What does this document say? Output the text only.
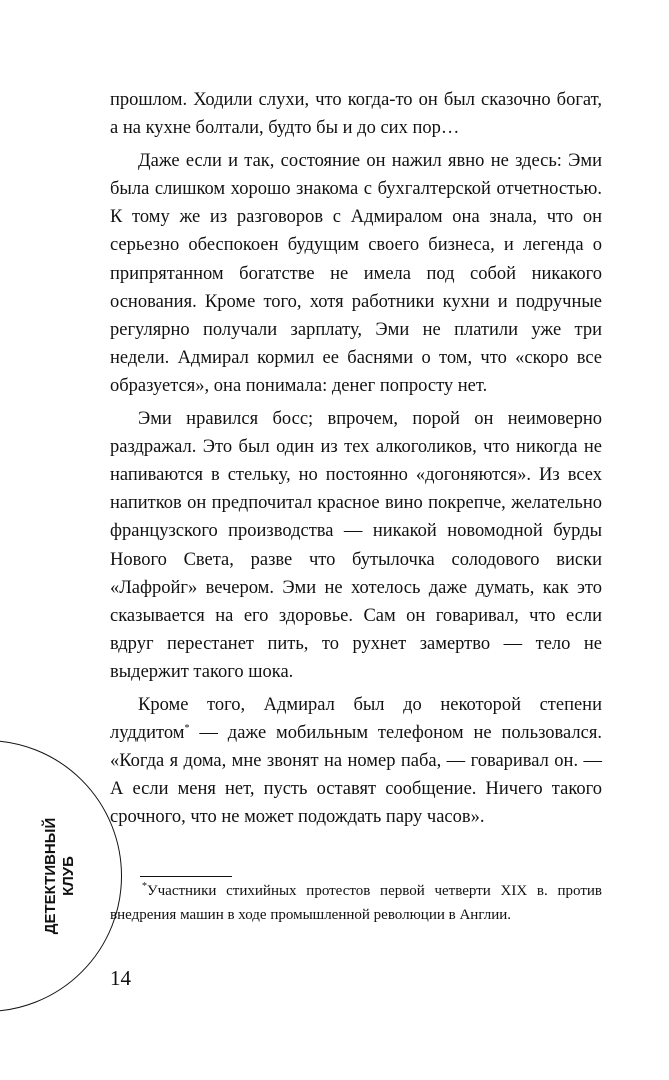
прошлом. Ходили слухи, что когда-то он был сказочно богат, а на кухне болтали, будто бы и до сих пор…

Даже если и так, состояние он нажил явно не здесь: Эми была слишком хорошо знакома с бухгалтерской отчетностью. К тому же из разговоров с Адмиралом она знала, что он серьезно обеспокоен будущим своего бизнеса, и легенда о припрятанном богатстве не имела под собой никакого основания. Кроме того, хотя работники кухни и подручные регулярно получали зарплату, Эми не платили уже три недели. Адмирал кормил ее баснями о том, что «скоро все образуется», она понимала: денег попросту нет.

Эми нравился босс; впрочем, порой он неимоверно раздражал. Это был один из тех алкоголиков, что никогда не напиваются в стельку, но постоянно «догоняются». Из всех напитков он предпочитал красное вино покрепче, желательно французского производства — никакой новомодной бурды Нового Света, разве что бутылочка солодового виски «Лафройг» вечером. Эми не хотелось даже думать, как это сказывается на его здоровье. Сам он говаривал, что если вдруг перестанет пить, то рухнет замертво — тело не выдержит такого шока.

Кроме того, Адмирал был до некоторой степени луддитом* — даже мобильным телефоном не пользовался. «Когда я дома, мне звонят на номер паба, — говаривал он. — А если меня нет, пусть оставят сообщение. Ничего такого срочного, что не может подождать пару часов».

ДЕТЕКТИВНЫЙ КЛУБ	*Участники стихийных протестов первой четверти XIX в. против внедрения машин в ходе промышленной революции в Англии.
14
